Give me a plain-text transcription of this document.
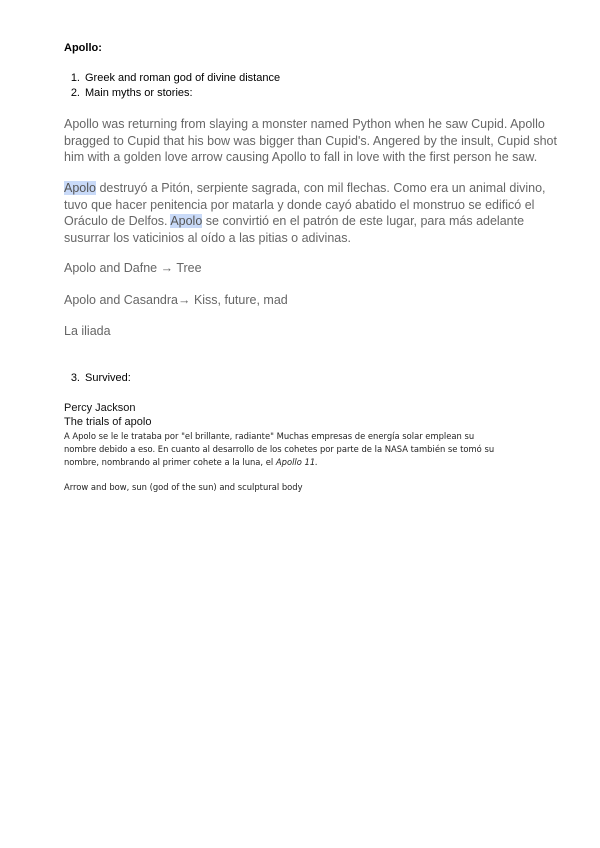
Apollo:
1. Greek and roman god of divine distance
2. Main myths or stories:
Apollo was returning from slaying a monster named Python when he saw Cupid. Apollo
bragged to Cupid that his bow was bigger than Cupid's. Angered by the insult, Cupid shot
him with a golden love arrow causing Apollo to fall in love with the first person he saw.
Apolo destruyó a Pitón, serpiente sagrada, con mil flechas. Como era un animal divino,
tuvo que hacer penitencia por matarla y donde cayó abatido el monstruo se edificó el
Oráculo de Delfos. Apolo se convirtió en el patrón de este lugar, para más adelante
susurrar los vaticinios al oído a las pitias o adivinas.
Apolo and Dafne → Tree
Apolo and Casandra→ Kiss, future, mad
La iliada
3. Survived:
Percy Jackson
The trials of apolo
A Apolo se le le trataba por "el brillante, radiante" Muchas empresas de energía solar emplean su
nombre debido a eso. En cuanto al desarrollo de los cohetes por parte de la NASA también se tomó su
nombre, nombrando al primer cohete a la luna, el Apollo 11.
Arrow and bow, sun (god of the sun) and sculptural body
